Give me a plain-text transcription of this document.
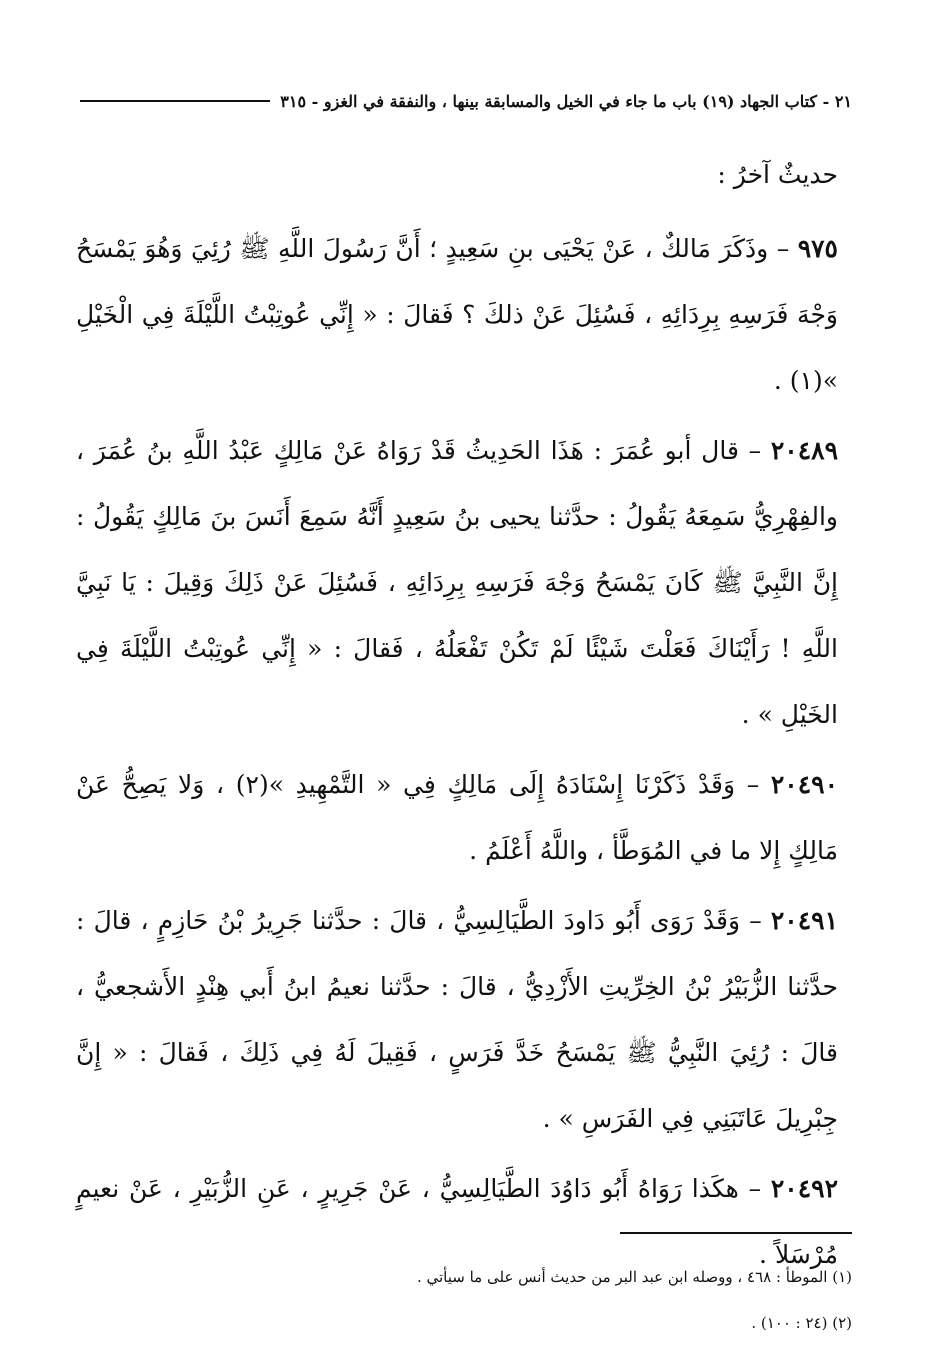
٢١ - كتاب الجهاد (١٩) باب ما جاء في الخيل والمسابقة بينها ، والنفقة في الغزو - ٣١٥

حديثٌ آخرُ :

٩٧٥ – وذَكَرَ مَالكٌ ، عَنْ يَحْيَى بنِ سَعِيدٍ ؛ أَنَّ رَسُولَ اللَّهِ ﷺ رُئِيَ وَهُوَ يَمْسَحُ وَجْهَ فَرَسِهِ بِرِدَائِهِ ، فَسُئِلَ عَنْ ذلكَ ؟ فَقالَ : « إِنِّي عُوتِبْتُ اللَّيْلَةَ فِي الْخَيْلِ »(١) .

٢٠٤٨٩ – قال أبو عُمَرَ : هَذَا الحَدِيثُ قَدْ رَوَاهُ عَنْ مَالِكٍ عَبْدُ اللَّهِ بنُ عُمَرَ ، والفِهْرِيُّ سَمِعَهُ يَقُولُ : حدَّثنا يحيى بنُ سَعِيدٍ أَنَّهُ سَمِعَ أَنَسَ بنَ مَالِكٍ يَقُولُ : إِنَّ النَّبِيَّ ﷺ كَانَ يَمْسَحُ وَجْهَ فَرَسِهِ بِرِدَائِهِ ، فَسُئِلَ عَنْ ذَلِكَ وَقِيلَ : يَا نَبِيَّ اللَّهِ ! رَأَيْنَاكَ فَعَلْتَ شَيْئًا لَمْ تَكُنْ تَفْعَلُهُ ، فَقالَ : « إِنِّي عُوتِبْتُ اللَّيْلَةَ فِي الخَيْلِ » .

٢٠٤٩٠ – وَقَدْ ذَكَرْنَا إِسْنَادَهُ إِلَى مَالِكٍ فِي « التَّمْهِيدِ »(٢) ، وَلا يَصِحُّ عَنْ مَالِكٍ إِلا ما في المُوَطَّأ ، واللَّهُ أَعْلَمُ .

٢٠٤٩١ – وَقَدْ رَوَى أَبُو دَاودَ الطَّيَالِسِيُّ ، قالَ : حدَّثنا جَرِيرُ بْنُ حَازِمٍ ، قالَ : حدَّثنا الزُّبَيْرُ بْنُ الخِرِّيتِ الأَزْدِيُّ ، قالَ : حدَّثنا نعيمُ ابنُ أَبي هِنْدٍ الأَشجعيُّ ، قالَ : رُئِيَ النَّبِيُّ ﷺ يَمْسَحُ خَدَّ فَرَسٍ ، فَقِيلَ لَهُ فِي ذَلِكَ ، فَقالَ : « إِنَّ جِبْرِيلَ عَاتَبَنِي فِي الفَرَسِ » .

٢٠٤٩٢ – هكَذا رَوَاهُ أَبُو دَاوُدَ الطَّيَالِسِيُّ ، عَنْ جَرِيرٍ ، عَنِ الزُّبَيْرِ ، عَنْ نعيمٍ مُرْسَلاً .

(١) الموطأ : ٤٦٨ ، ووصله ابن عبد البر من حديث أنس على ما سيأتي .

(٢) (٢٤ : ١٠٠) .
